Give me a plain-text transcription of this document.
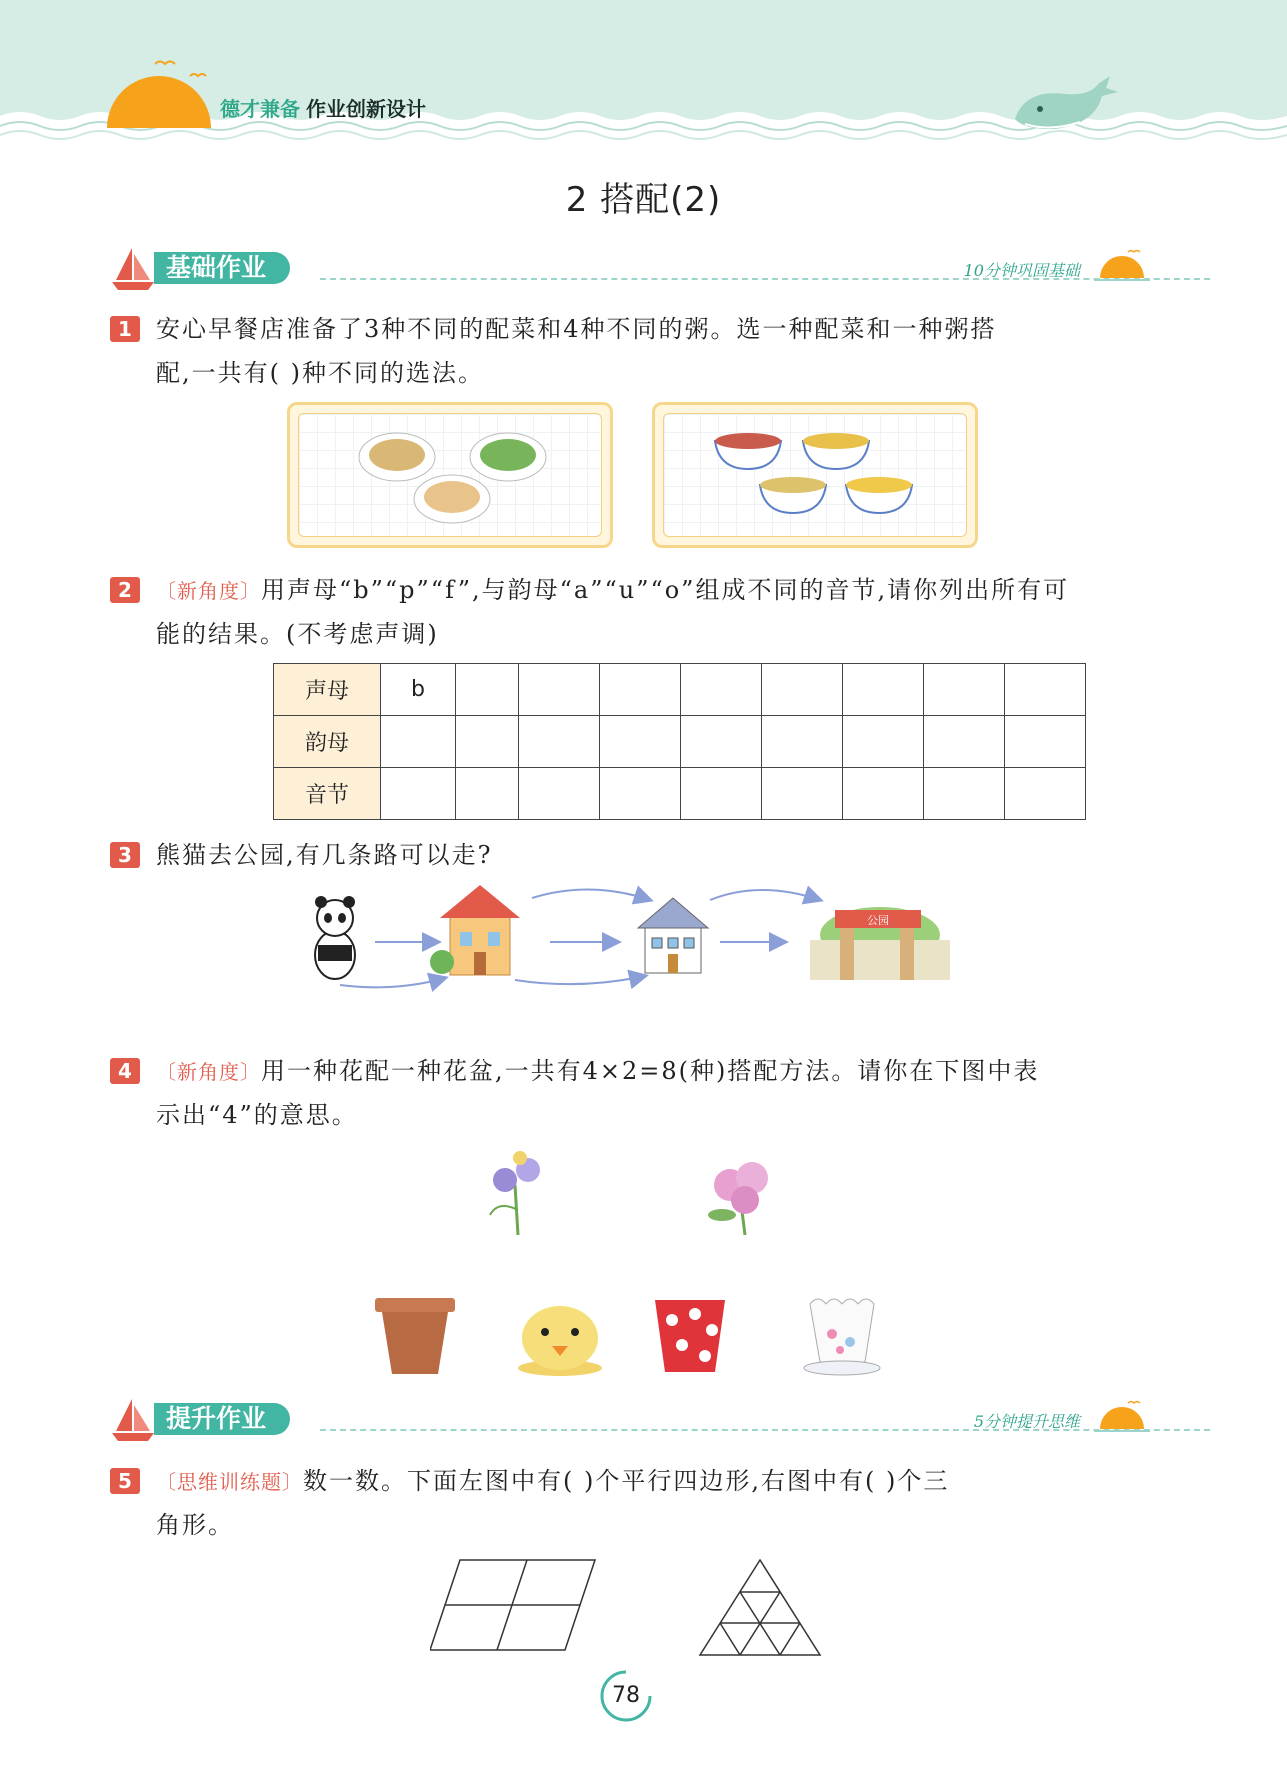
德才兼备 作业创新设计
2 搭配(2)
基础作业	10分钟巩固基础
1	安心早餐店准备了3种不同的配菜和4种不同的粥。选一种配菜和一种粥搭
配,一共有( )种不同的选法。
2	〔新角度〕用声母“b”“p”“f”,与韵母“a”“u”“o”组成不同的音节,请你列出所有可
能的结果。(不考虑声调)
声母	b								
韵母									
音节									
3	熊猫去公园,有几条路可以走?
公园
4	〔新角度〕用一种花配一种花盆,一共有4×2=8(种)搭配方法。请你在下图中表
示出“4”的意思。
提升作业	5分钟提升思维
5	〔思维训练题〕数一数。下面左图中有( )个平行四边形,右图中有( )个三
角形。
78
